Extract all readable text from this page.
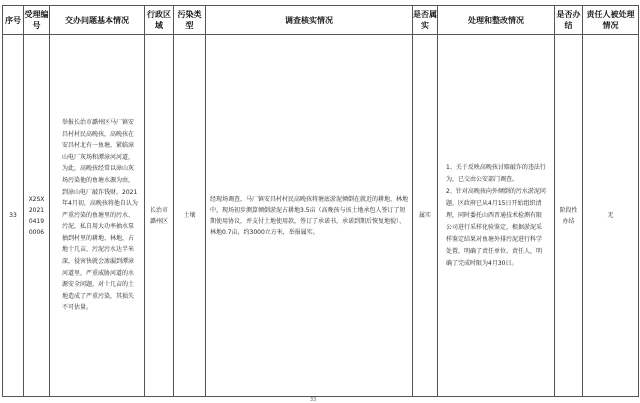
序号	受理编号	交办问题基本情况	行政区域	污染类型	调查核实情况	是否属实	处理和整改情况	是否办结	责任人被处理情况
33	X2SX202104190006	举报长治市潞州区马厂镇安昌村村民高晚孩，高晚孩在安昌村北有一鱼塘，紧临漳山电厂灰场和潭漳河河道，为此，高晚孩经常以漳山灰场污染他的鱼塘水源为由，到漳山电厂敲诈钱财。2021年4月初，高晚孩将他自认为严重污染的鱼塘里的污水、污泥，私自用大功率抽水泵抽到村里的耕地、林地，占地十几亩，污泥污水达半米深，侵害快就会渗漏到潭漳河道里，严重威胁河道的水源安全问题，对十几亩的土地造成了严重污染，其损失不可估量。	长治市潞州区	土壤	经现场调查，马厂镇安昌村村民高晚孩将塘底淤泥倾倒在就近的耕地、林地中，现场初步测算倾倒淤泥占耕地3.5亩（高晚孩与该土地承包人签订了短期使用协议，并支付土地使用款，签订了承诺书，承诺到期后恢复地貌）、林地0.7亩，约3000立方米，举报属实。	属实	1、关于反映高晚孩讨赔敲诈的违法行为，已交由公安部门调查。
2、针对高晚孩向外倾倒的污水淤泥问题，区政府已从4月15日开始组织清理，同时委托山西晋通技术检测有限公司进行采样化验鉴定，根据淤泥采样鉴定结果对鱼塘外排污泥进行科学处置，明确了责任单位、责任人，明确了完成时限为4月30日。	阶段性办结	无
33
